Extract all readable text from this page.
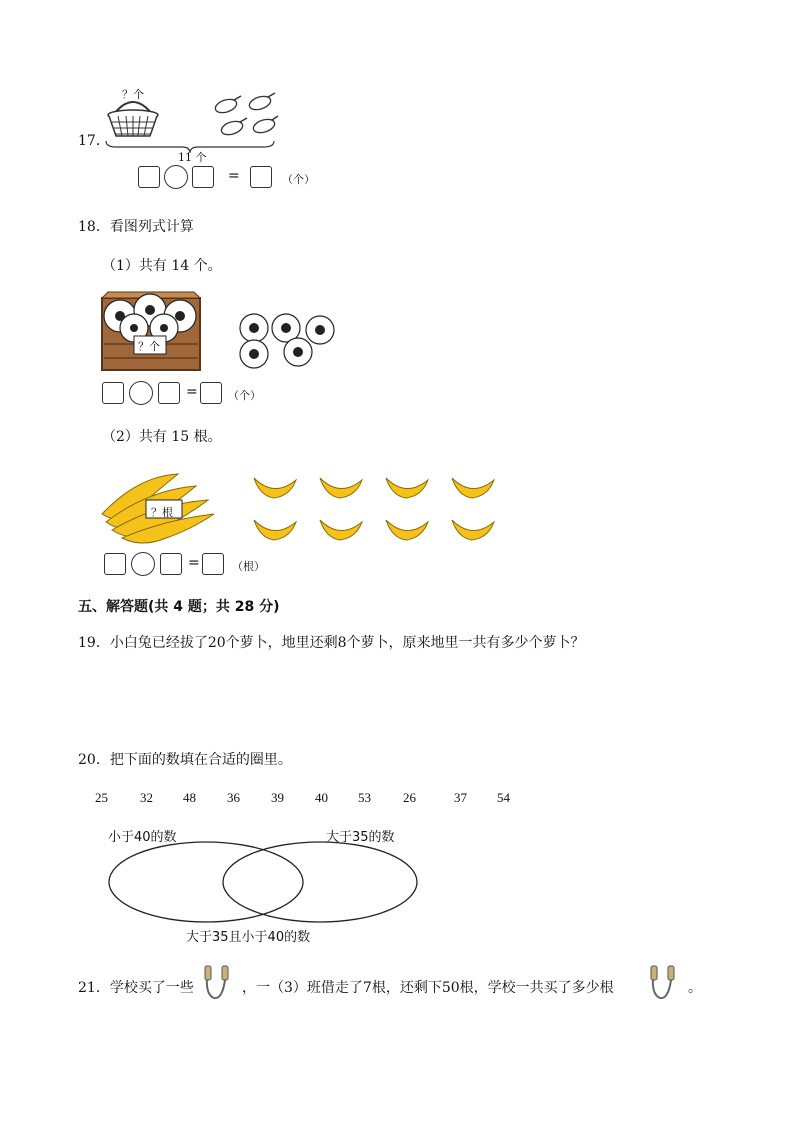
17．
？个
11 个
=	（个）
18．看图列式计算
（1）共有 14 个。
？个
=	（个）
（2）共有 15 根。
？根
=	（根）
五、解答题(共 4 题；共 28 分)
19．小白兔已经拔了20个萝卜，地里还剩8个萝卜，原来地里一共有多少个萝卜？
20．把下面的数填在合适的圈里。
25 32 48 36 39 40 53 26	37 54
小于40的数	大于35的数
大于35且小于40的数
21．学校买了一些	，一（3）班借走了7根，还剩下50根，学校一共买了多少根	。
